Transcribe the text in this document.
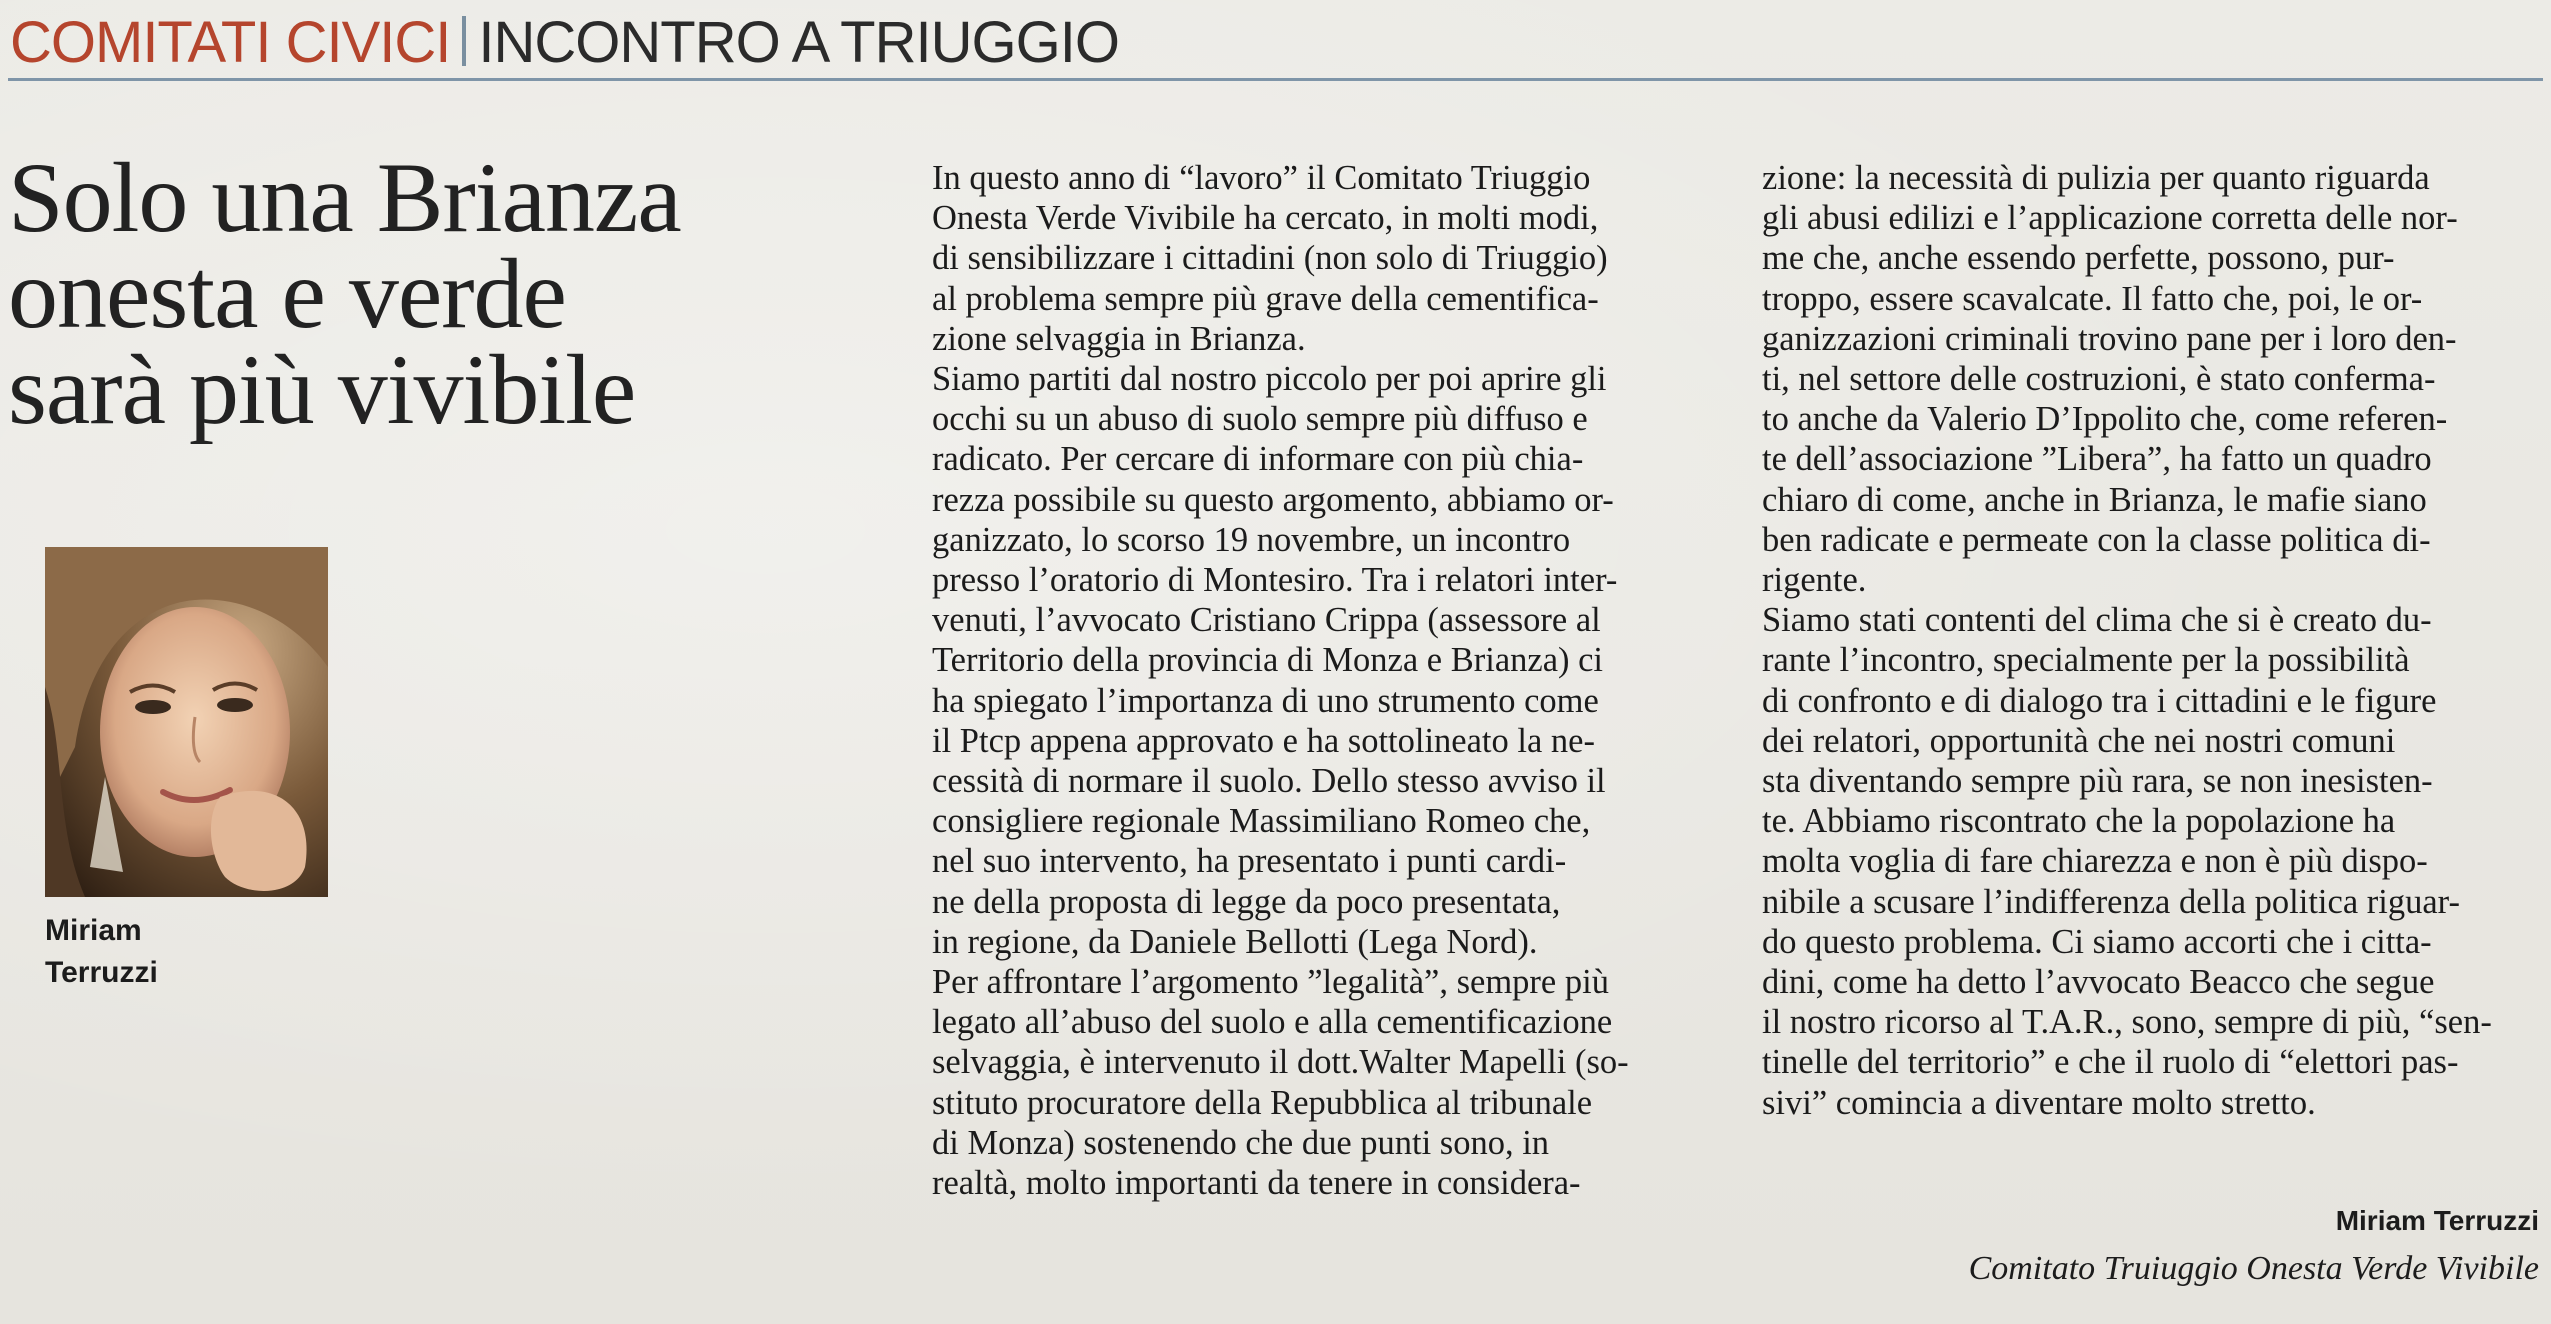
COMITATI CIVICI INCONTRO A TRIUGGIO
Solo una Brianza
onesta e verde
sarà più vivibile
Miriam
Terruzzi
In questo anno di “lavoro” il Comitato Triuggio
Onesta Verde Vivibile ha cercato, in molti modi,
di sensibilizzare i cittadini (non solo di Triuggio)
al problema sempre più grave della cementifica-
zione selvaggia in Brianza.
Siamo partiti dal nostro piccolo per poi aprire gli
occhi su un abuso di suolo sempre più diffuso e
radicato. Per cercare di informare con più chia-
rezza possibile su questo argomento, abbiamo or-
ganizzato, lo scorso 19 novembre, un incontro
presso l’oratorio di Montesiro. Tra i relatori inter-
venuti, l’avvocato Cristiano Crippa (assessore al
Territorio della provincia di Monza e Brianza) ci
ha spiegato l’importanza di uno strumento come
il Ptcp appena approvato e ha sottolineato la ne-
cessità di normare il suolo. Dello stesso avviso il
consigliere regionale Massimiliano Romeo che,
nel suo intervento, ha presentato i punti cardi-
ne della proposta di legge da poco presentata,
in regione, da Daniele Bellotti (Lega Nord).
Per affrontare l’argomento ”legalità”, sempre più
legato all’abuso del suolo e alla cementificazione
selvaggia, è intervenuto il dott.Walter Mapelli (so-
stituto procuratore della Repubblica al tribunale
di Monza) sostenendo che due punti sono, in
realtà, molto importanti da tenere in considera-
zione: la necessità di pulizia per quanto riguarda
gli abusi edilizi e l’applicazione corretta delle nor-
me che, anche essendo perfette, possono, pur-
troppo, essere scavalcate. Il fatto che, poi, le or-
ganizzazioni criminali trovino pane per i loro den-
ti, nel settore delle costruzioni, è stato conferma-
to anche da Valerio D’Ippolito che, come referen-
te dell’associazione ”Libera”, ha fatto un quadro
chiaro di come, anche in Brianza, le mafie siano
ben radicate e permeate con la classe politica di-
rigente.
Siamo stati contenti del clima che si è creato du-
rante l’incontro, specialmente per la possibilità
di confronto e di dialogo tra i cittadini e le figure
dei relatori, opportunità che nei nostri comuni
sta diventando sempre più rara, se non inesisten-
te. Abbiamo riscontrato che la popolazione ha
molta voglia di fare chiarezza e non è più dispo-
nibile a scusare l’indifferenza della politica riguar-
do questo problema. Ci siamo accorti che i citta-
dini, come ha detto l’avvocato Beacco che segue
il nostro ricorso al T.A.R., sono, sempre di più, “sen-
tinelle del territorio” e che il ruolo di “elettori pas-
sivi” comincia a diventare molto stretto.
Miriam Terruzzi
Comitato Truiuggio Onesta Verde Vivibile
